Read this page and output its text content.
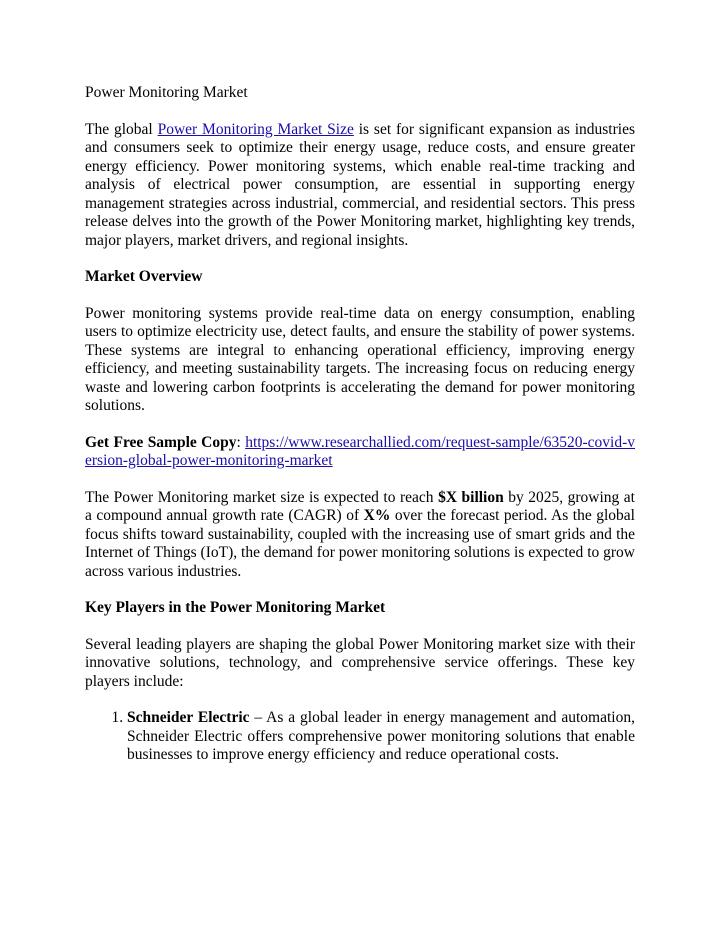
Power Monitoring Market

The global Power Monitoring Market Size is set for significant expansion as industries and consumers seek to optimize their energy usage, reduce costs, and ensure greater energy efficiency. Power monitoring systems, which enable real-time tracking and analysis of electrical power consumption, are essential in supporting energy management strategies across industrial, commercial, and residential sectors. This press release delves into the growth of the Power Monitoring market, highlighting key trends, major players, market drivers, and regional insights.

Market Overview

Power monitoring systems provide real-time data on energy consumption, enabling users to optimize electricity use, detect faults, and ensure the stability of power systems. These systems are integral to enhancing operational efficiency, improving energy efficiency, and meeting sustainability targets. The increasing focus on reducing energy waste and lowering carbon footprints is accelerating the demand for power monitoring solutions.

Get Free Sample Copy: https://www.researchallied.com/request-sample/63520-covid-version-global-power-monitoring-market

The Power Monitoring market size is expected to reach $X billion by 2025, growing at a compound annual growth rate (CAGR) of X% over the forecast period. As the global focus shifts toward sustainability, coupled with the increasing use of smart grids and the Internet of Things (IoT), the demand for power monitoring solutions is expected to grow across various industries.

Key Players in the Power Monitoring Market

Several leading players are shaping the global Power Monitoring market size with their innovative solutions, technology, and comprehensive service offerings. These key players include:

1. Schneider Electric – As a global leader in energy management and automation, Schneider Electric offers comprehensive power monitoring solutions that enable businesses to improve energy efficiency and reduce operational costs.
